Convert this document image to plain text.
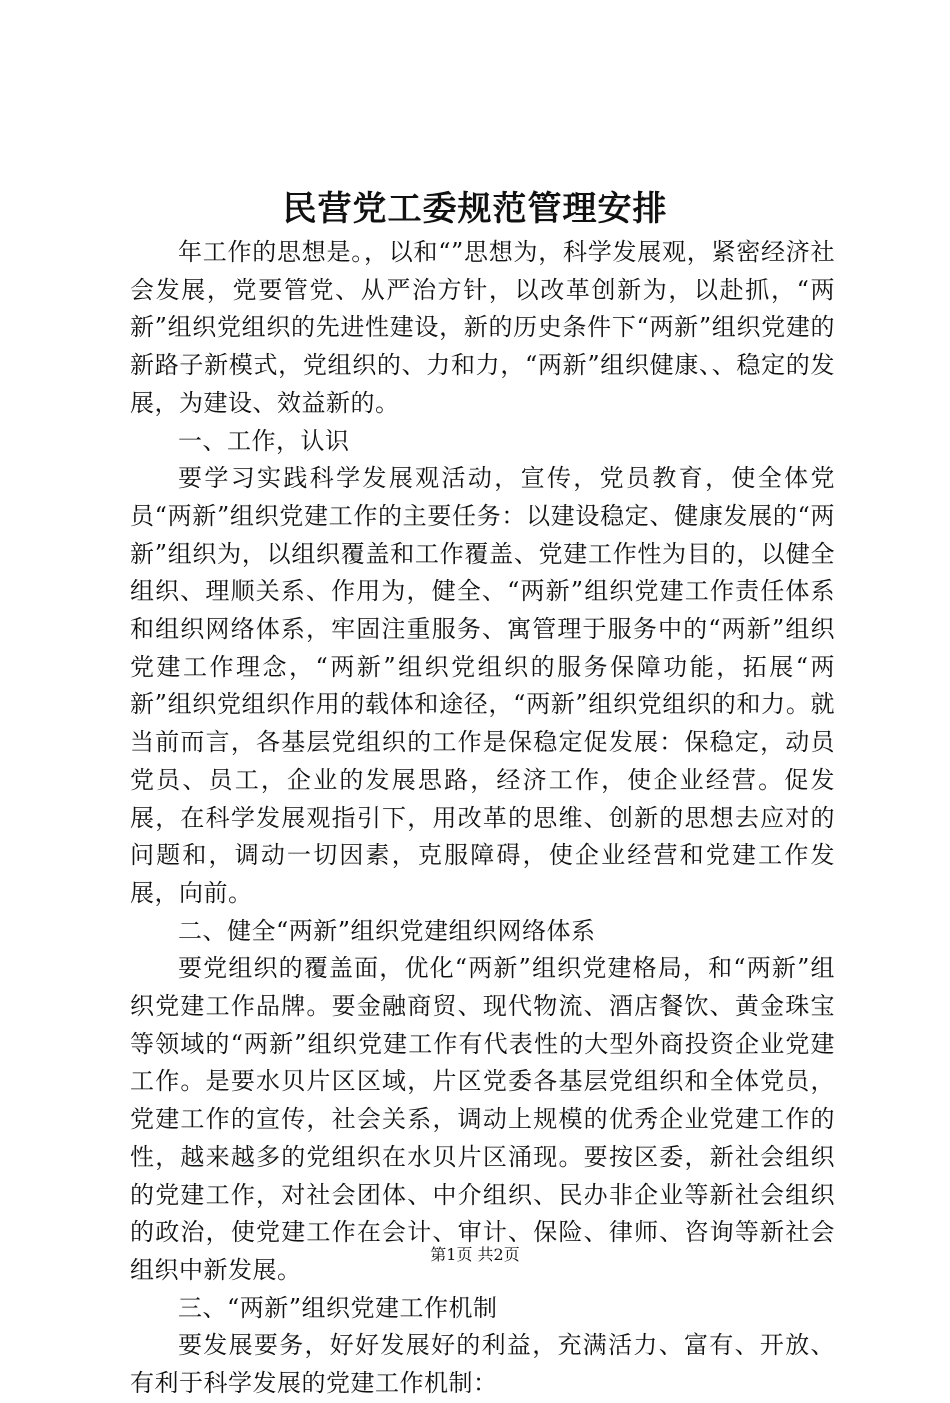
民营党工委规范管理安排

年工作的思想是。，以和“”思想为，科学发展观，紧密经济社会发展，党要管党、从严治方针，以改革创新为，以赴抓，“两新”组织党组织的先进性建设，新的历史条件下“两新”组织党建的新路子新模式，党组织的、力和力，“两新”组织健康、、稳定的发展，为建设、效益新的。

一、工作，认识

要学习实践科学发展观活动，宣传，党员教育，使全体党员“两新”组织党建工作的主要任务：以建设稳定、健康发展的“两新”组织为，以组织覆盖和工作覆盖、党建工作性为目的，以健全组织、理顺关系、作用为，健全、“两新”组织党建工作责任体系和组织网络体系，牢固注重服务、寓管理于服务中的“两新”组织党建工作理念，“两新”组织党组织的服务保障功能，拓展“两新”组织党组织作用的载体和途径，“两新”组织党组织的和力。就当前而言，各基层党组织的工作是保稳定促发展：保稳定，动员党员、员工，企业的发展思路，经济工作，使企业经营。促发展，在科学发展观指引下，用改革的思维、创新的思想去应对的问题和，调动一切因素，克服障碍，使企业经营和党建工作发展，向前。

二、健全“两新”组织党建组织网络体系

要党组织的覆盖面，优化“两新”组织党建格局，和“两新”组织党建工作品牌。要金融商贸、现代物流、酒店餐饮、黄金珠宝等领域的“两新”组织党建工作有代表性的大型外商投资企业党建工作。是要水贝片区区域，片区党委各基层党组织和全体党员，党建工作的宣传，社会关系，调动上规模的优秀企业党建工作的性，越来越多的党组织在水贝片区涌现。要按区委，新社会组织的党建工作，对社会团体、中介组织、民办非企业等新社会组织的政治，使党建工作在会计、审计、保险、律师、咨询等新社会组织中新发展。

三、“两新”组织党建工作机制

要发展要务，好好发展好的利益，充满活力、富有、开放、有利于科学发展的党建工作机制：

第1页 共2页
